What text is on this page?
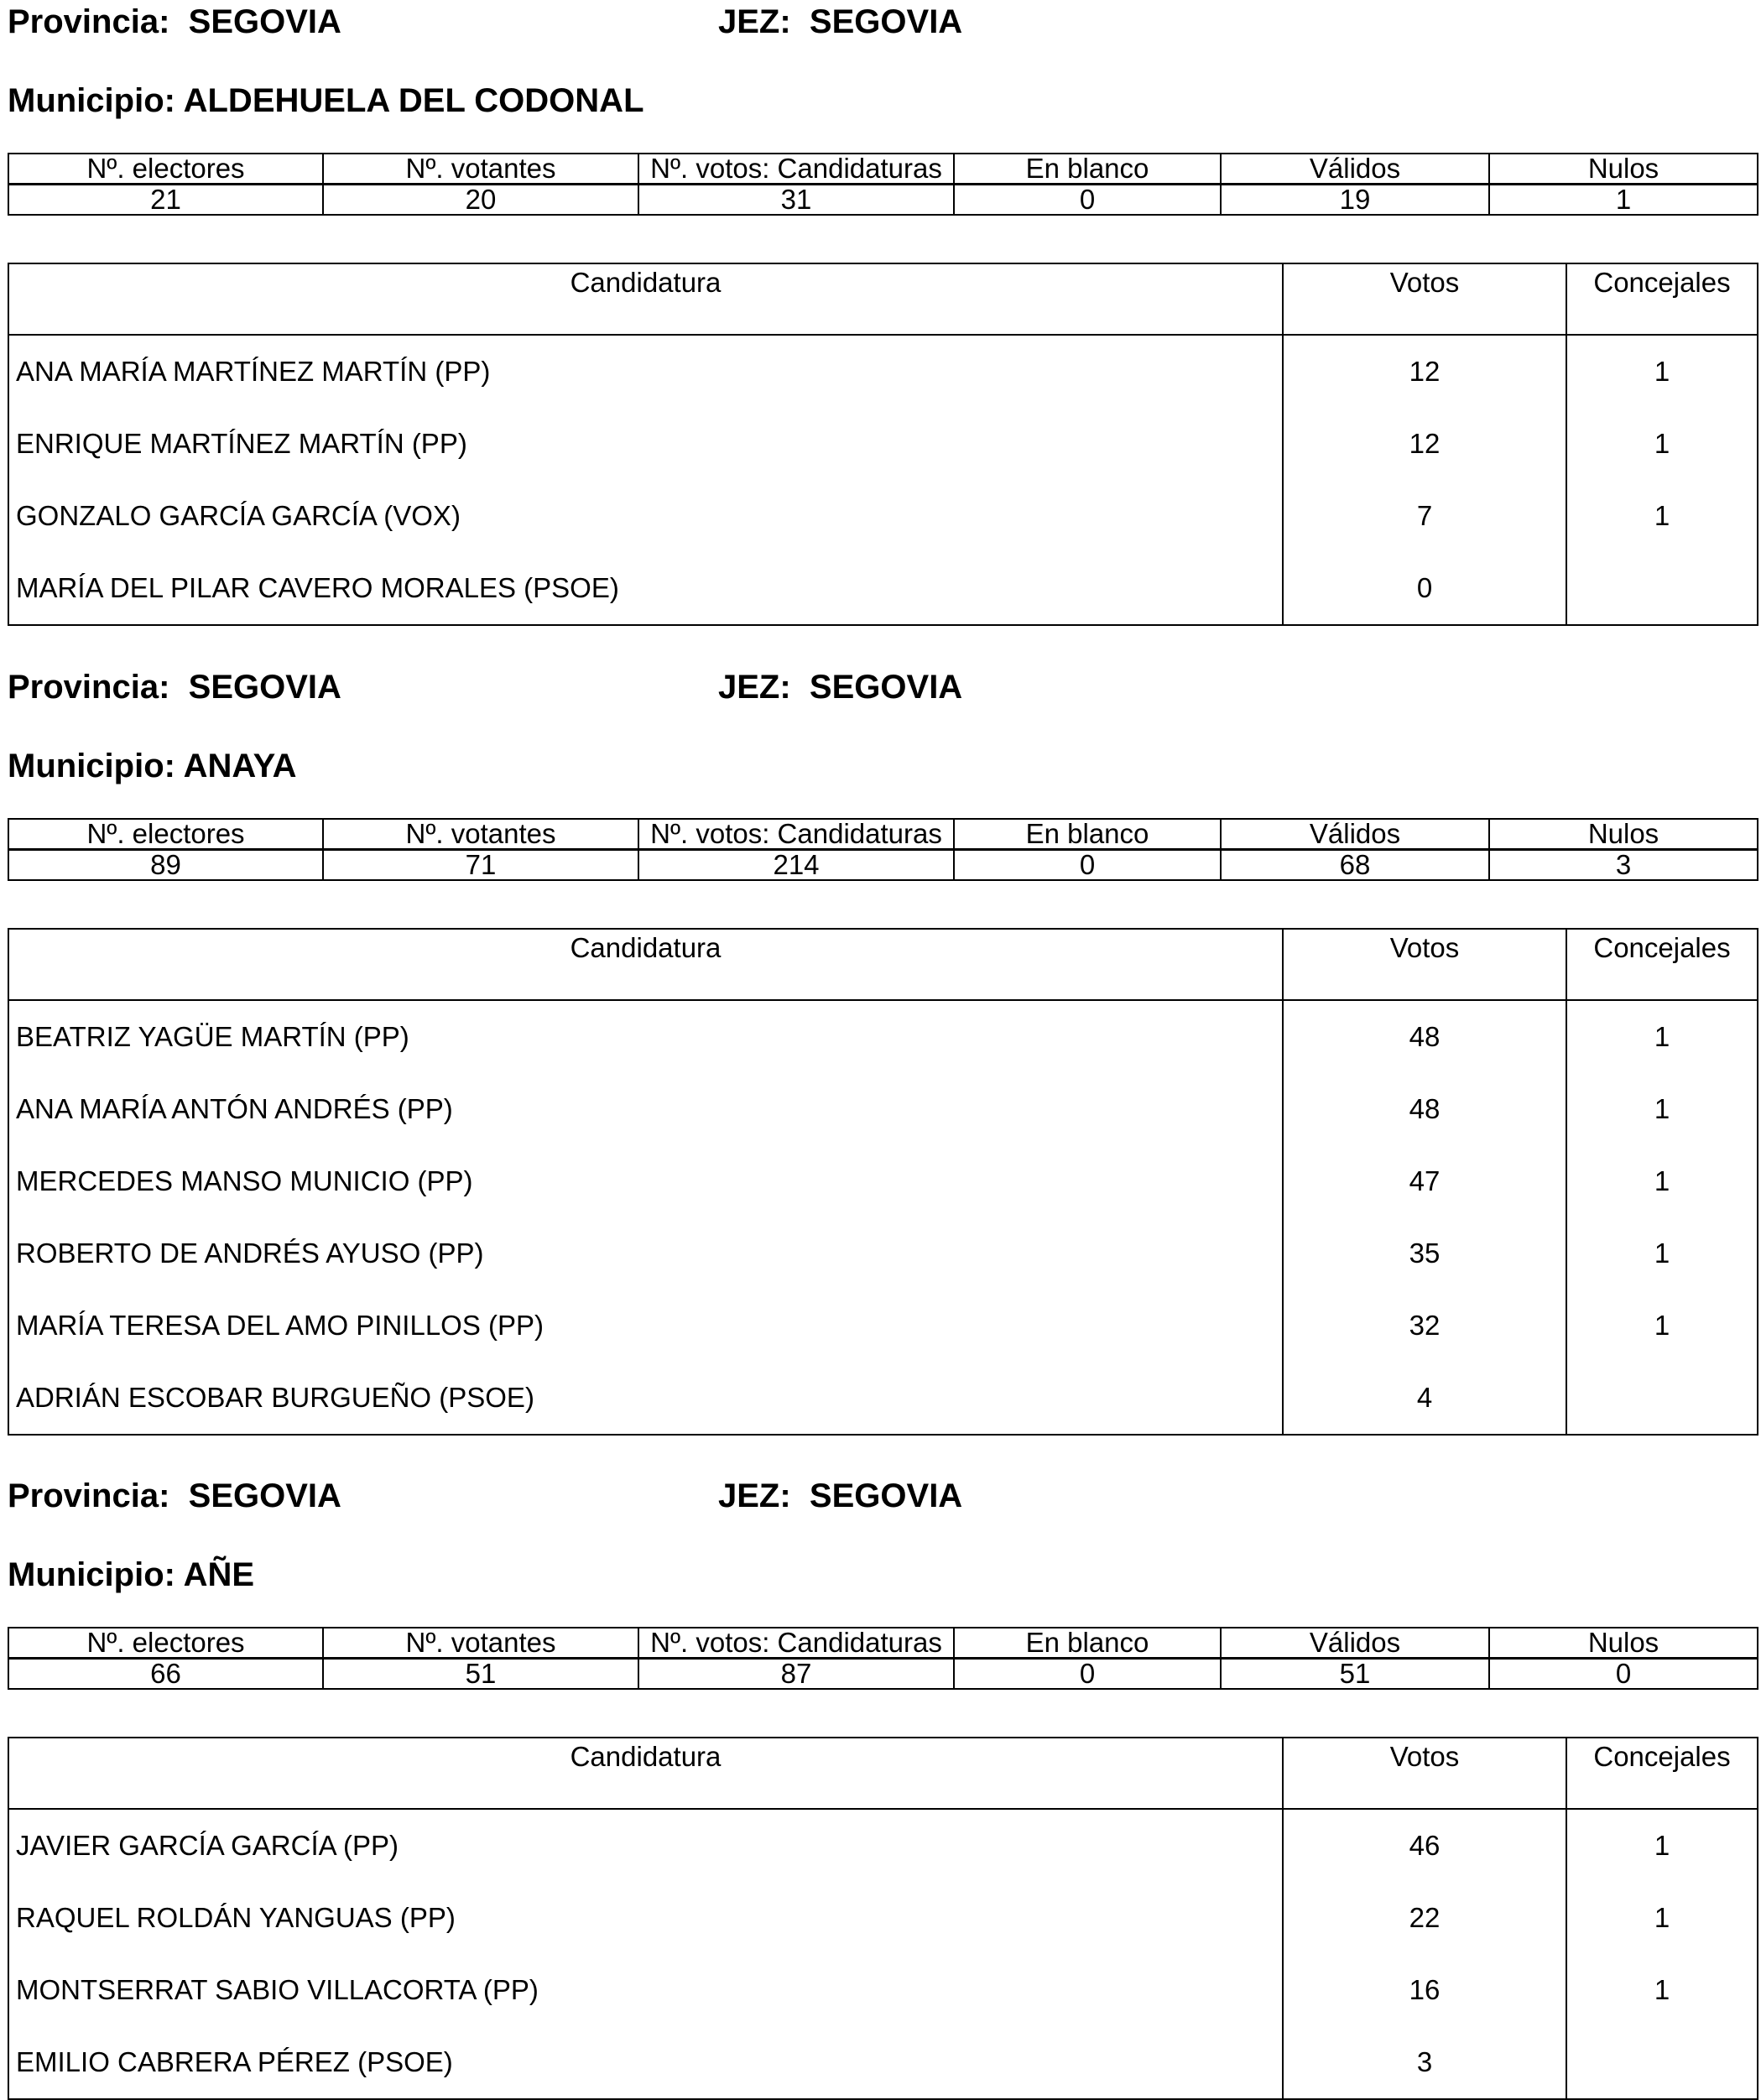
Provincia: SEGOVIA	JEZ: SEGOVIA
Municipio: ALDEHUELA DEL CODONAL
Nº. electores	Nº. votantes	Nº. votos: Candidaturas	En blanco	Válidos	Nulos
21	20	31	0	19	1
Candidatura	Votos	Concejales
ANA MARÍA MARTÍNEZ MARTÍN (PP)	12	1
ENRIQUE MARTÍNEZ MARTÍN (PP)	12	1
GONZALO GARCÍA GARCÍA (VOX)	7	1
MARÍA DEL PILAR CAVERO MORALES (PSOE)	0	
Provincia: SEGOVIA	JEZ: SEGOVIA
Municipio: ANAYA
Nº. electores	Nº. votantes	Nº. votos: Candidaturas	En blanco	Válidos	Nulos
89	71	214	0	68	3
Candidatura	Votos	Concejales
BEATRIZ YAGÜE MARTÍN (PP)	48	1
ANA MARÍA ANTÓN ANDRÉS (PP)	48	1
MERCEDES MANSO MUNICIO (PP)	47	1
ROBERTO DE ANDRÉS AYUSO (PP)	35	1
MARÍA TERESA DEL AMO PINILLOS (PP)	32	1
ADRIÁN ESCOBAR BURGUEÑO (PSOE)	4	
Provincia: SEGOVIA	JEZ: SEGOVIA
Municipio: AÑE
Nº. electores	Nº. votantes	Nº. votos: Candidaturas	En blanco	Válidos	Nulos
66	51	87	0	51	0
Candidatura	Votos	Concejales
JAVIER GARCÍA GARCÍA (PP)	46	1
RAQUEL ROLDÁN YANGUAS (PP)	22	1
MONTSERRAT SABIO VILLACORTA (PP)	16	1
EMILIO CABRERA PÉREZ (PSOE)	3	
